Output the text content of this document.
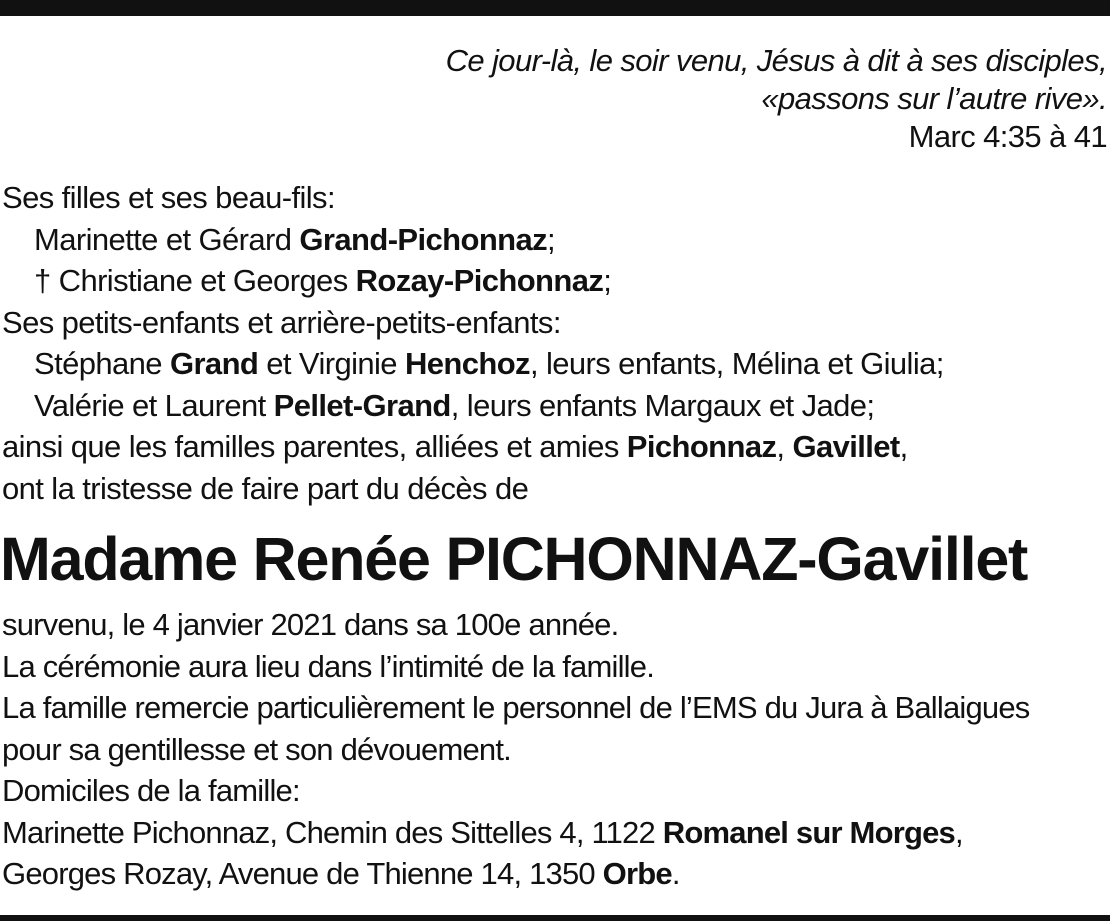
Ce jour-là, le soir venu, Jésus à dit à ses disciples,
«passons sur l’autre rive».
Marc 4:35 à 41
Ses filles et ses beau-fils:
Marinette et Gérard Grand-Pichonnaz;
† Christiane et Georges Rozay-Pichonnaz;
Ses petits-enfants et arrière-petits-enfants:
Stéphane Grand et Virginie Henchoz, leurs enfants, Mélina et Giulia;
Valérie et Laurent Pellet-Grand, leurs enfants Margaux et Jade;
ainsi que les familles parentes, alliées et amies Pichonnaz, Gavillet,
ont la tristesse de faire part du décès de
Madame Renée PICHONNAZ-Gavillet
survenu, le 4 janvier 2021 dans sa 100e année.
La cérémonie aura lieu dans l’intimité de la famille.
La famille remercie particulièrement le personnel de l’EMS du Jura à Ballaigues
pour sa gentillesse et son dévouement.
Domiciles de la famille:
Marinette Pichonnaz, Chemin des Sittelles 4, 1122 Romanel sur Morges,
Georges Rozay, Avenue de Thienne 14, 1350 Orbe.
